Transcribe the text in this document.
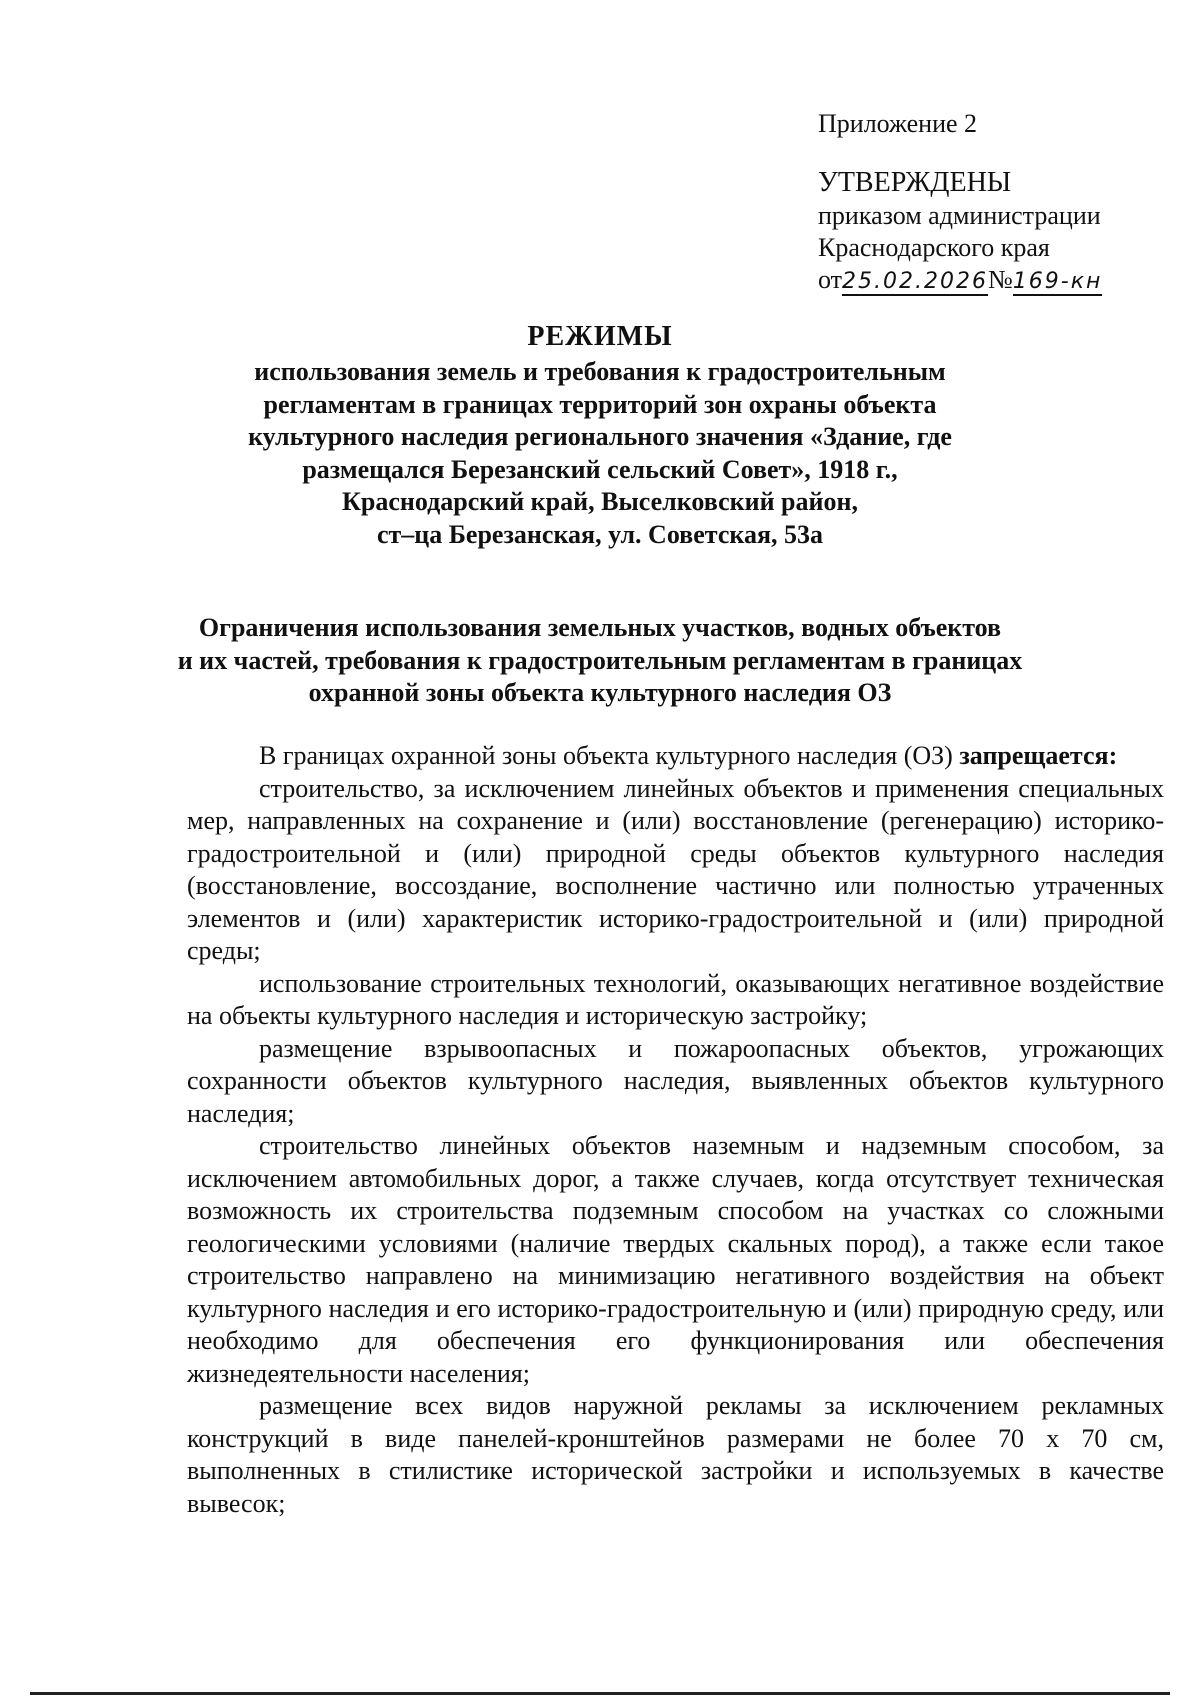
Приложение 2
УТВЕРЖДЕНЫ
приказом администрации
Краснодарского края
от25.02.2026№169-кн
РЕЖИМЫ
использования земель и требования к градостроительным
регламентам в границах территорий зон охраны объекта
культурного наследия регионального значения «Здание, где
размещался Березанский сельский Совет», 1918 г.,
Краснодарский край, Выселковский район,
ст–ца Березанская, ул. Советская, 53а
Ограничения использования земельных участков, водных объектов
и их частей, требования к градостроительным регламентам в границах
охранной зоны объекта культурного наследия ОЗ

В границах охранной зоны объекта культурного наследия (ОЗ) запрещается:

строительство, за исключением линейных объектов и применения специальных мер, направленных на сохранение и (или) восстановление (регенерацию) историко-градостроительной и (или) природной среды объектов культурного наследия (восстановление, воссоздание, восполнение частично или полностью утраченных элементов и (или) характеристик историко-градостроительной и (или) природной среды;

использование строительных технологий, оказывающих негативное воздействие на объекты культурного наследия и историческую застройку;

размещение взрывоопасных и пожароопасных объектов, угрожающих сохранности объектов культурного наследия, выявленных объектов культурного наследия;

строительство линейных объектов наземным и надземным способом, за исключением автомобильных дорог, а также случаев, когда отсутствует техническая возможность их строительства подземным способом на участках со сложными геологическими условиями (наличие твердых скальных пород), а также если такое строительство направлено на минимизацию негативного воздействия на объект культурного наследия и его историко-градостроительную и (или) природную среду, или необходимо для обеспечения его функционирования или обеспечения жизнедеятельности населения;

размещение всех видов наружной рекламы за исключением рекламных конструкций в виде панелей-кронштейнов размерами не более 70 х 70 см, выполненных в стилистике исторической застройки и используемых в качестве вывесок;
